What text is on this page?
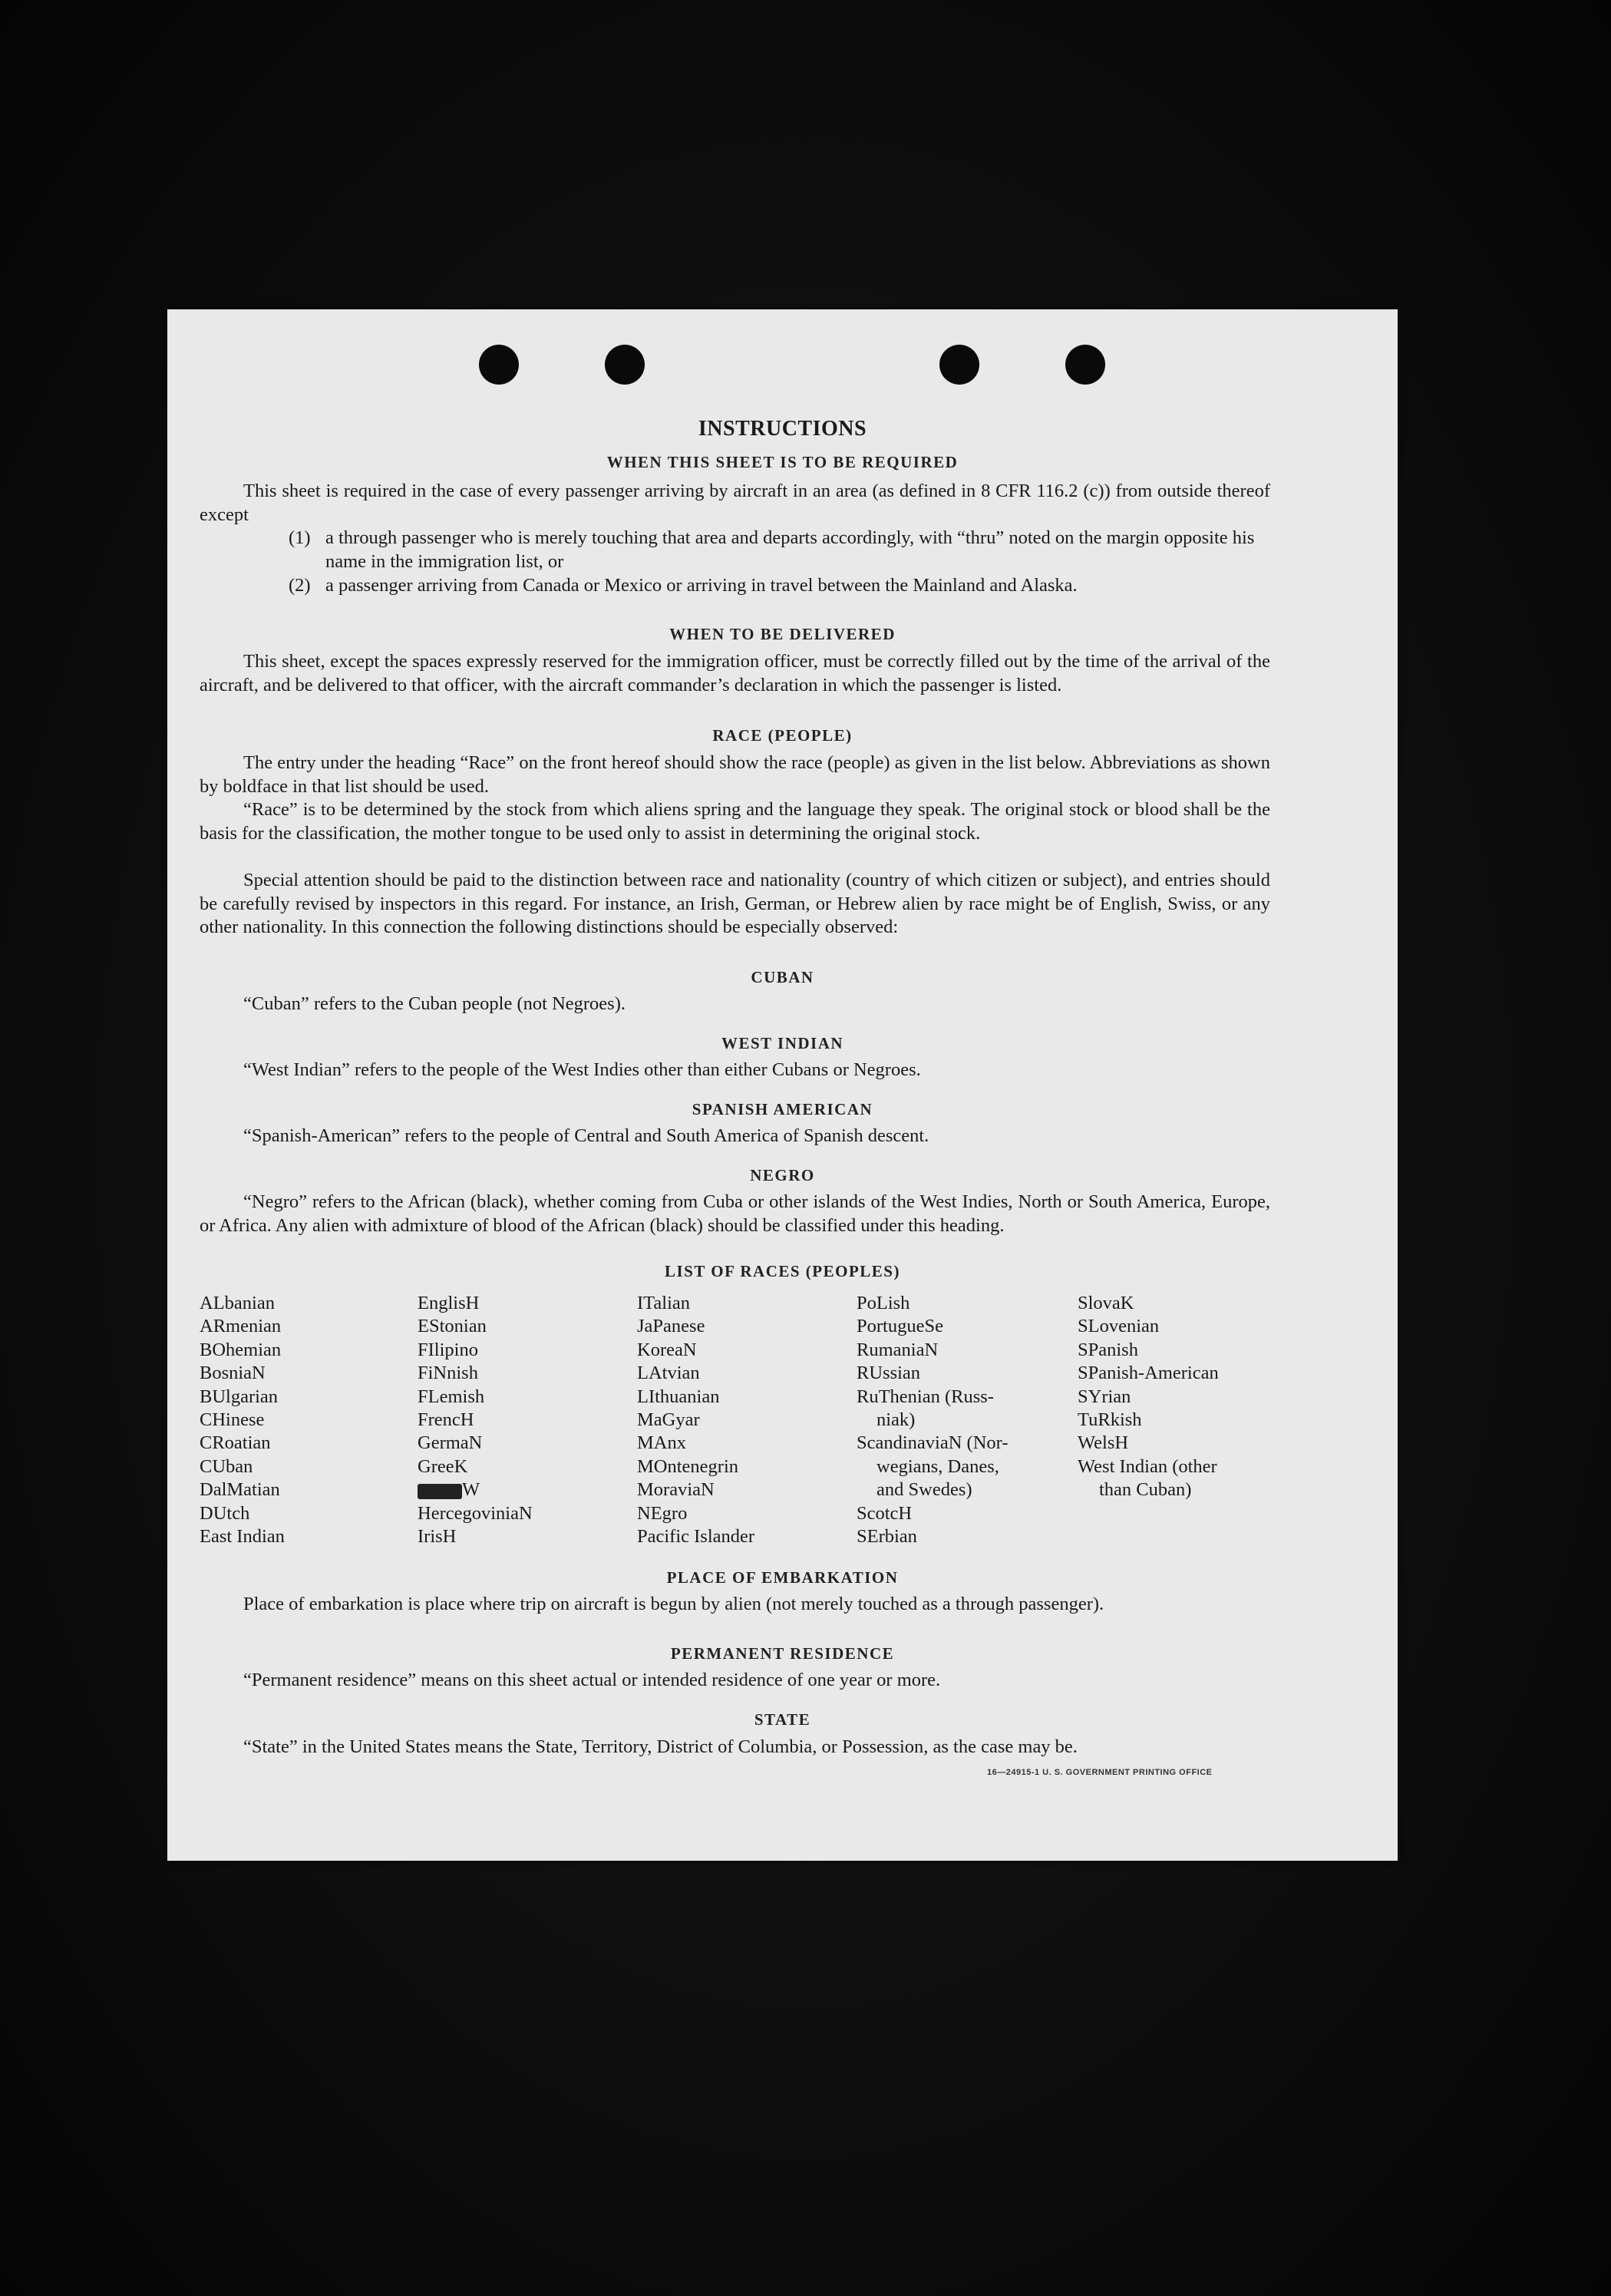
INSTRUCTIONS
WHEN THIS SHEET IS TO BE REQUIRED
This sheet is required in the case of every passenger arriving by aircraft in an area (as defined in 8 CFR 116.2 (c)) from outside thereof except
(1) a through passenger who is merely touching that area and departs accordingly, with “thru” noted on the margin opposite his name in the immigration list, or
(2) a passenger arriving from Canada or Mexico or arriving in travel between the Mainland and Alaska.
WHEN TO BE DELIVERED
This sheet, except the spaces expressly reserved for the immigration officer, must be correctly filled out by the time of the arrival of the aircraft, and be delivered to that officer, with the aircraft commander’s declaration in which the passenger is listed.
RACE (PEOPLE)
The entry under the heading “Race” on the front hereof should show the race (people) as given in the list below. Abbreviations as shown by boldface in that list should be used.
“Race” is to be determined by the stock from which aliens spring and the language they speak. The original stock or blood shall be the basis for the classification, the mother tongue to be used only to assist in determining the original stock.
Special attention should be paid to the distinction between race and nationality (country of which citizen or subject), and entries should be carefully revised by inspectors in this regard. For instance, an Irish, German, or Hebrew alien by race might be of English, Swiss, or any other nationality. In this connection the following distinctions should be especially observed:
CUBAN
“Cuban” refers to the Cuban people (not Negroes).
WEST INDIAN
“West Indian” refers to the people of the West Indies other than either Cubans or Negroes.
SPANISH AMERICAN
“Spanish-American” refers to the people of Central and South America of Spanish descent.
NEGRO
“Negro” refers to the African (black), whether coming from Cuba or other islands of the West Indies, North or South America, Europe, or Africa. Any alien with admixture of blood of the African (black) should be classified under this heading.
LIST OF RACES (PEOPLES)
ALbanian
ARmenian
BOhemian
BosniaN
BUlgarian
CHinese
CRoatian
CUban
DalMatian
DUtch
East Indian
EnglisH
EStonian
FIlipino
FiNnish
FLemish
FrencH
GermaN
GreeK
W
HercegoviniaN
IrisH
ITalian
JaPanese
KoreaN
LAtvian
LIthuanian
MaGyar
MAnx
MOntenegrin
MoraviaN
NEgro
Pacific Islander
PoLish
PortugueSe
RumaniaN
RUssian
RuThenian (Russ-
niak)
ScandinaviaN (Nor-
wegians, Danes,
and Swedes)
ScotcH
SErbian
SlovaK
SLovenian
SPanish
SPanish-American
SYrian
TuRkish
WelsH
West Indian (other
than Cuban)
PLACE OF EMBARKATION
Place of embarkation is place where trip on aircraft is begun by alien (not merely touched as a through passenger).
PERMANENT RESIDENCE
“Permanent residence” means on this sheet actual or intended residence of one year or more.
STATE
“State” in the United States means the State, Territory, District of Columbia, or Possession, as the case may be.
16—24915-1 U. S. GOVERNMENT PRINTING OFFICE
